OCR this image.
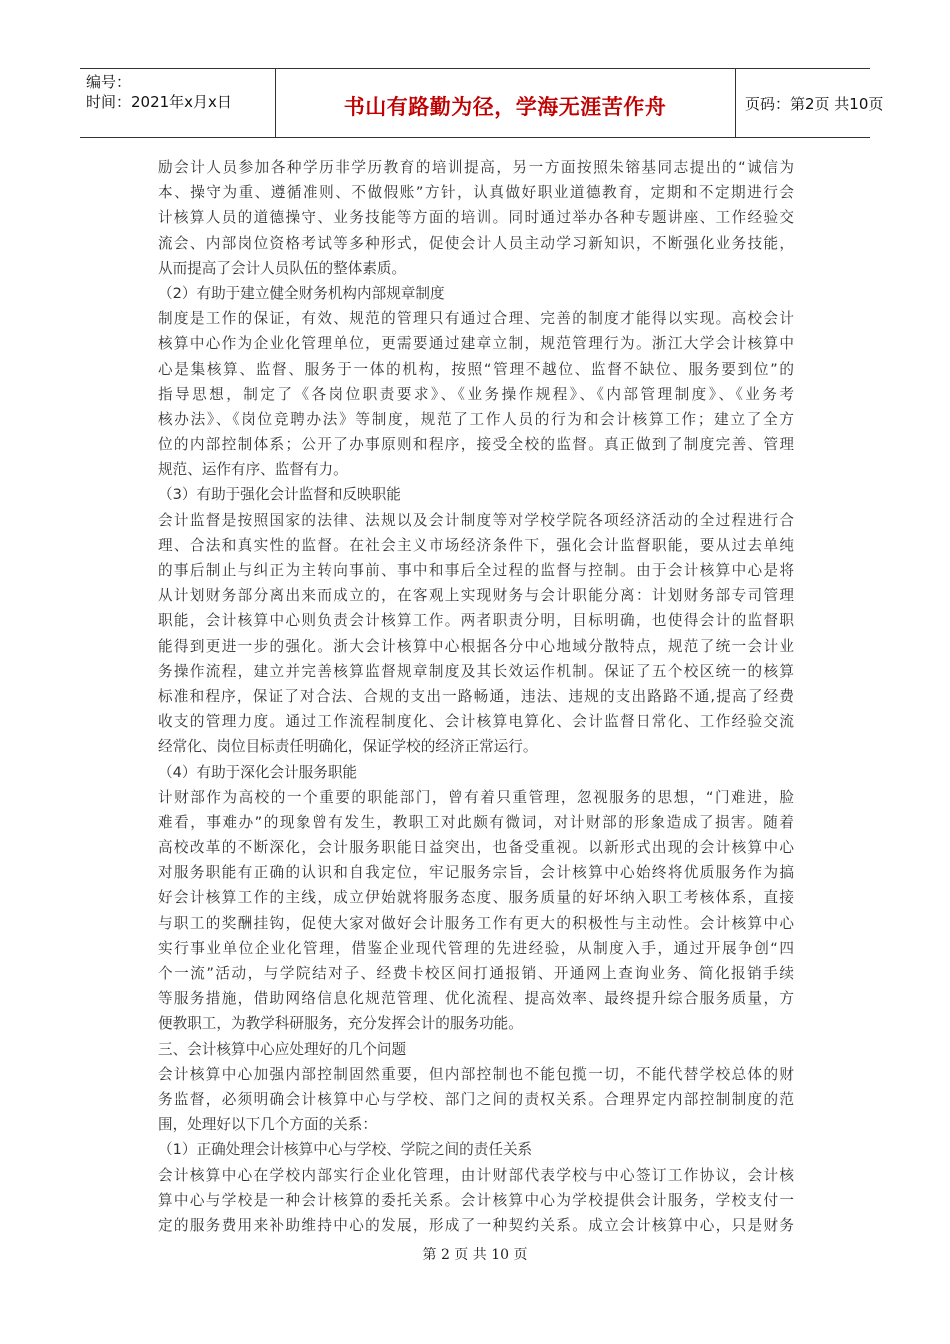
编号：
时间：2021年x月x日	书山有路勤为径，学海无涯苦作舟	页码：第2页 共10页
励会计人员参加各种学历非学历教育的培训提高，另一方面按照朱镕基同志提出的“诚信为
本、操守为重、遵循准则、不做假账”方针，认真做好职业道德教育，定期和不定期进行会
计核算人员的道德操守、业务技能等方面的培训。同时通过举办各种专题讲座、工作经验交
流会、内部岗位资格考试等多种形式，促使会计人员主动学习新知识，不断强化业务技能，
从而提高了会计人员队伍的整体素质。
（2）有助于建立健全财务机构内部规章制度
制度是工作的保证，有效、规范的管理只有通过合理、完善的制度才能得以实现。高校会计
核算中心作为企业化管理单位，更需要通过建章立制，规范管理行为。浙江大学会计核算中
心是集核算、监督、服务于一体的机构，按照“管理不越位、监督不缺位、服务要到位”的
指导思想，制定了《各岗位职责要求》、《业务操作规程》、《内部管理制度》、《业务考
核办法》、《岗位竞聘办法》等制度，规范了工作人员的行为和会计核算工作；建立了全方
位的内部控制体系；公开了办事原则和程序，接受全校的监督。真正做到了制度完善、管理
规范、运作有序、监督有力。
（3）有助于强化会计监督和反映职能
会计监督是按照国家的法律、法规以及会计制度等对学校学院各项经济活动的全过程进行合
理、合法和真实性的监督。在社会主义市场经济条件下，强化会计监督职能，要从过去单纯
的事后制止与纠正为主转向事前、事中和事后全过程的监督与控制。由于会计核算中心是将
从计划财务部分离出来而成立的，在客观上实现财务与会计职能分离：计划财务部专司管理
职能，会计核算中心则负责会计核算工作。两者职责分明，目标明确，也使得会计的监督职
能得到更进一步的强化。浙大会计核算中心根据各分中心地域分散特点，规范了统一会计业
务操作流程，建立并完善核算监督规章制度及其长效运作机制。保证了五个校区统一的核算
标准和程序，保证了对合法、合规的支出一路畅通，违法、违规的支出路路不通,提高了经费
收支的管理力度。通过工作流程制度化、会计核算电算化、会计监督日常化、工作经验交流
经常化、岗位目标责任明确化，保证学校的经济正常运行。
（4）有助于深化会计服务职能
计财部作为高校的一个重要的职能部门，曾有着只重管理，忽视服务的思想，“门难进，脸
难看，事难办”的现象曾有发生，教职工对此颇有微词，对计财部的形象造成了损害。随着
高校改革的不断深化，会计服务职能日益突出，也备受重视。以新形式出现的会计核算中心
对服务职能有正确的认识和自我定位，牢记服务宗旨，会计核算中心始终将优质服务作为搞
好会计核算工作的主线，成立伊始就将服务态度、服务质量的好坏纳入职工考核体系，直接
与职工的奖酬挂钩，促使大家对做好会计服务工作有更大的积极性与主动性。会计核算中心
实行事业单位企业化管理，借鉴企业现代管理的先进经验，从制度入手，通过开展争创“四
个一流”活动，与学院结对子、经费卡校区间打通报销、开通网上查询业务、简化报销手续
等服务措施，借助网络信息化规范管理、优化流程、提高效率、最终提升综合服务质量，方
便教职工，为教学科研服务，充分发挥会计的服务功能。
三、会计核算中心应处理好的几个问题
会计核算中心加强内部控制固然重要，但内部控制也不能包揽一切，不能代替学校总体的财
务监督，必须明确会计核算中心与学校、部门之间的责权关系。合理界定内部控制制度的范
围，处理好以下几个方面的关系：
（1）正确处理会计核算中心与学校、学院之间的责任关系
会计核算中心在学校内部实行企业化管理，由计财部代表学校与中心签订工作协议，会计核
算中心与学校是一种会计核算的委托关系。会计核算中心为学校提供会计服务，学校支付一
定的服务费用来补助维持中心的发展，形成了一种契约关系。成立会计核算中心，只是财务
第 2 页 共 10 页
